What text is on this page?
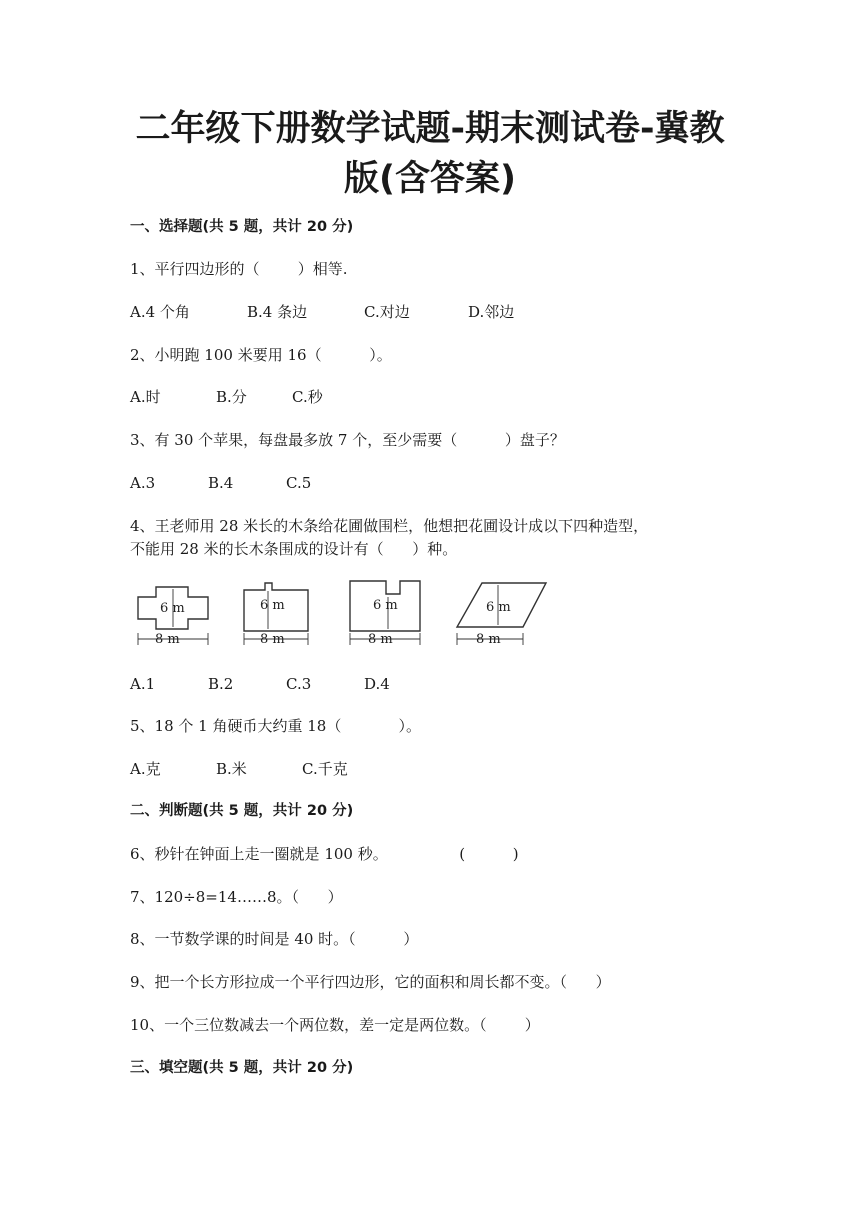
二年级下册数学试题-期末测试卷-冀教
版(含答案)
一、选择题(共 5 题，共计 20 分)
1、平行四边形的（        ）相等.

A.4 个角

	B.4 条边

	C.对边

	D.邻边

2、小明跑 100 米要用 16（          ）。

A.时

	B.分

	C.秒

3、有 30 个苹果，每盘最多放 7 个，至少需要（          ）盘子？

A.3

	B.4

	C.5

4、王老师用 28 米长的木条给花圃做围栏，他想把花圃设计成以下四种造型，
不能用 28 米的长木条围成的设计有（      ）种。
6 m
8 m
6 m
8 m
6 m
8 m
6 m
8 m

A.1

	B.2

	C.3

	D.4

5、18 个 1 角硬币大约重 18（            ）。

A.克

	B.米

	C.千克

二、判断题(共 5 题，共计 20 分)
6、秒针在钟面上走一圈就是 100 秒。               (          )
7、120÷8=14……8。（      ）
8、一节数学课的时间是 40 时。（          ）
9、把一个长方形拉成一个平行四边形，它的面积和周长都不变。（      ）
10、一个三位数减去一个两位数，差一定是两位数。（        ）
三、填空题(共 5 题，共计 20 分)
